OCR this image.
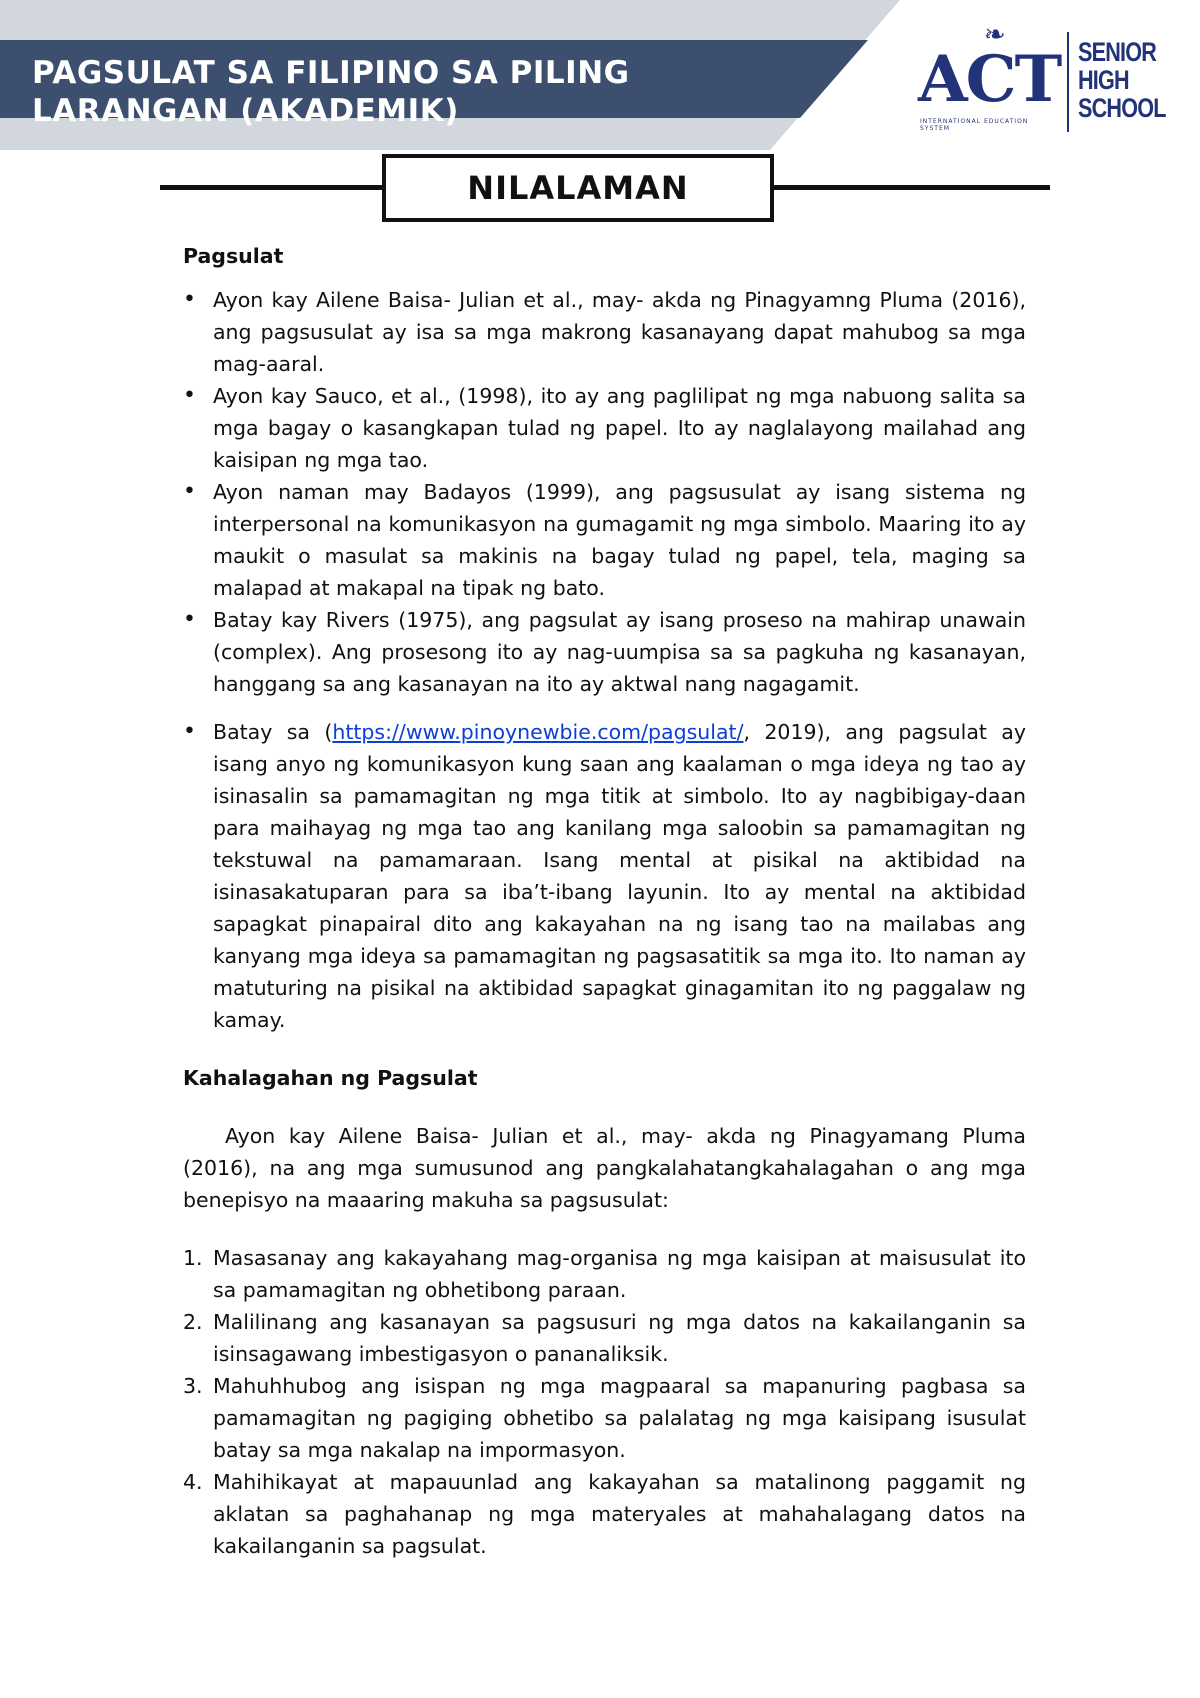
PAGSULAT SA FILIPINO SA PILING
LARANGAN (AKADEMIK)
❧
ACT
INTERNATIONAL EDUCATION SYSTEM
SENIOR
HIGH
SCHOOL
NILALAMAN

Pagsulat

• Ayon kay Ailene Baisa- Julian et al., may- akda ng Pinagyamng Pluma (2016), ang pagsusulat ay isa sa mga makrong kasanayang dapat mahubog sa mga mag-aaral.
• Ayon kay Sauco, et al., (1998), ito ay ang paglilipat ng mga nabuong salita sa mga bagay o kasangkapan tulad ng papel. Ito ay naglalayong mailahad ang kaisipan ng mga tao.
• Ayon naman may Badayos (1999), ang pagsusulat ay isang sistema ng interpersonal na komunikasyon na gumagamit ng mga simbolo. Maaring ito ay maukit o masulat sa makinis na bagay tulad ng papel, tela, maging sa malapad at makapal na tipak ng bato.
• Batay kay Rivers (1975), ang pagsulat ay isang proseso na mahirap unawain (complex). Ang prosesong ito ay nag-uumpisa sa sa pagkuha ng kasanayan, hanggang sa ang kasanayan na ito ay aktwal nang nagagamit.
• Batay sa (https://www.pinoynewbie.com/pagsulat/, 2019), ang pagsulat ay isang anyo ng komunikasyon kung saan ang kaalaman o mga ideya ng tao ay isinasalin sa pamamagitan ng mga titik at simbolo. Ito ay nagbibigay-daan para maihayag ng mga tao ang kanilang mga saloobin sa pamamagitan ng tekstuwal na pamamaraan. Isang mental at pisikal na aktibidad na isinasakatuparan para sa iba’t-ibang layunin. Ito ay mental na aktibidad sapagkat pinapairal dito ang kakayahan na ng isang tao na mailabas ang kanyang mga ideya sa pamamagitan ng pagsasatitik sa mga ito. Ito naman ay matuturing na pisikal na aktibidad sapagkat ginagamitan ito ng paggalaw ng kamay.

Kahalagahan ng Pagsulat

Ayon kay Ailene Baisa- Julian et al., may- akda ng Pinagyamang Pluma (2016), na ang mga sumusunod ang pangkalahatangkahalagahan o ang mga benepisyo na maaaring makuha sa pagsusulat:

1. Masasanay ang kakayahang mag-organisa ng mga kaisipan at maisusulat ito sa pamamagitan ng obhetibong paraan.
2. Malilinang ang kasanayan sa pagsusuri ng mga datos na kakailanganin sa isinsagawang imbestigasyon o pananaliksik.
3. Mahuhhubog ang isispan ng mga magpaaral sa mapanuring pagbasa sa pamamagitan ng pagiging obhetibo sa palalatag ng mga kaisipang isusulat batay sa mga nakalap na impormasyon.
4. Mahihikayat at mapauunlad ang kakayahan sa matalinong paggamit ng aklatan sa paghahanap ng mga materyales at mahahalagang datos na kakailanganin sa pagsulat.
